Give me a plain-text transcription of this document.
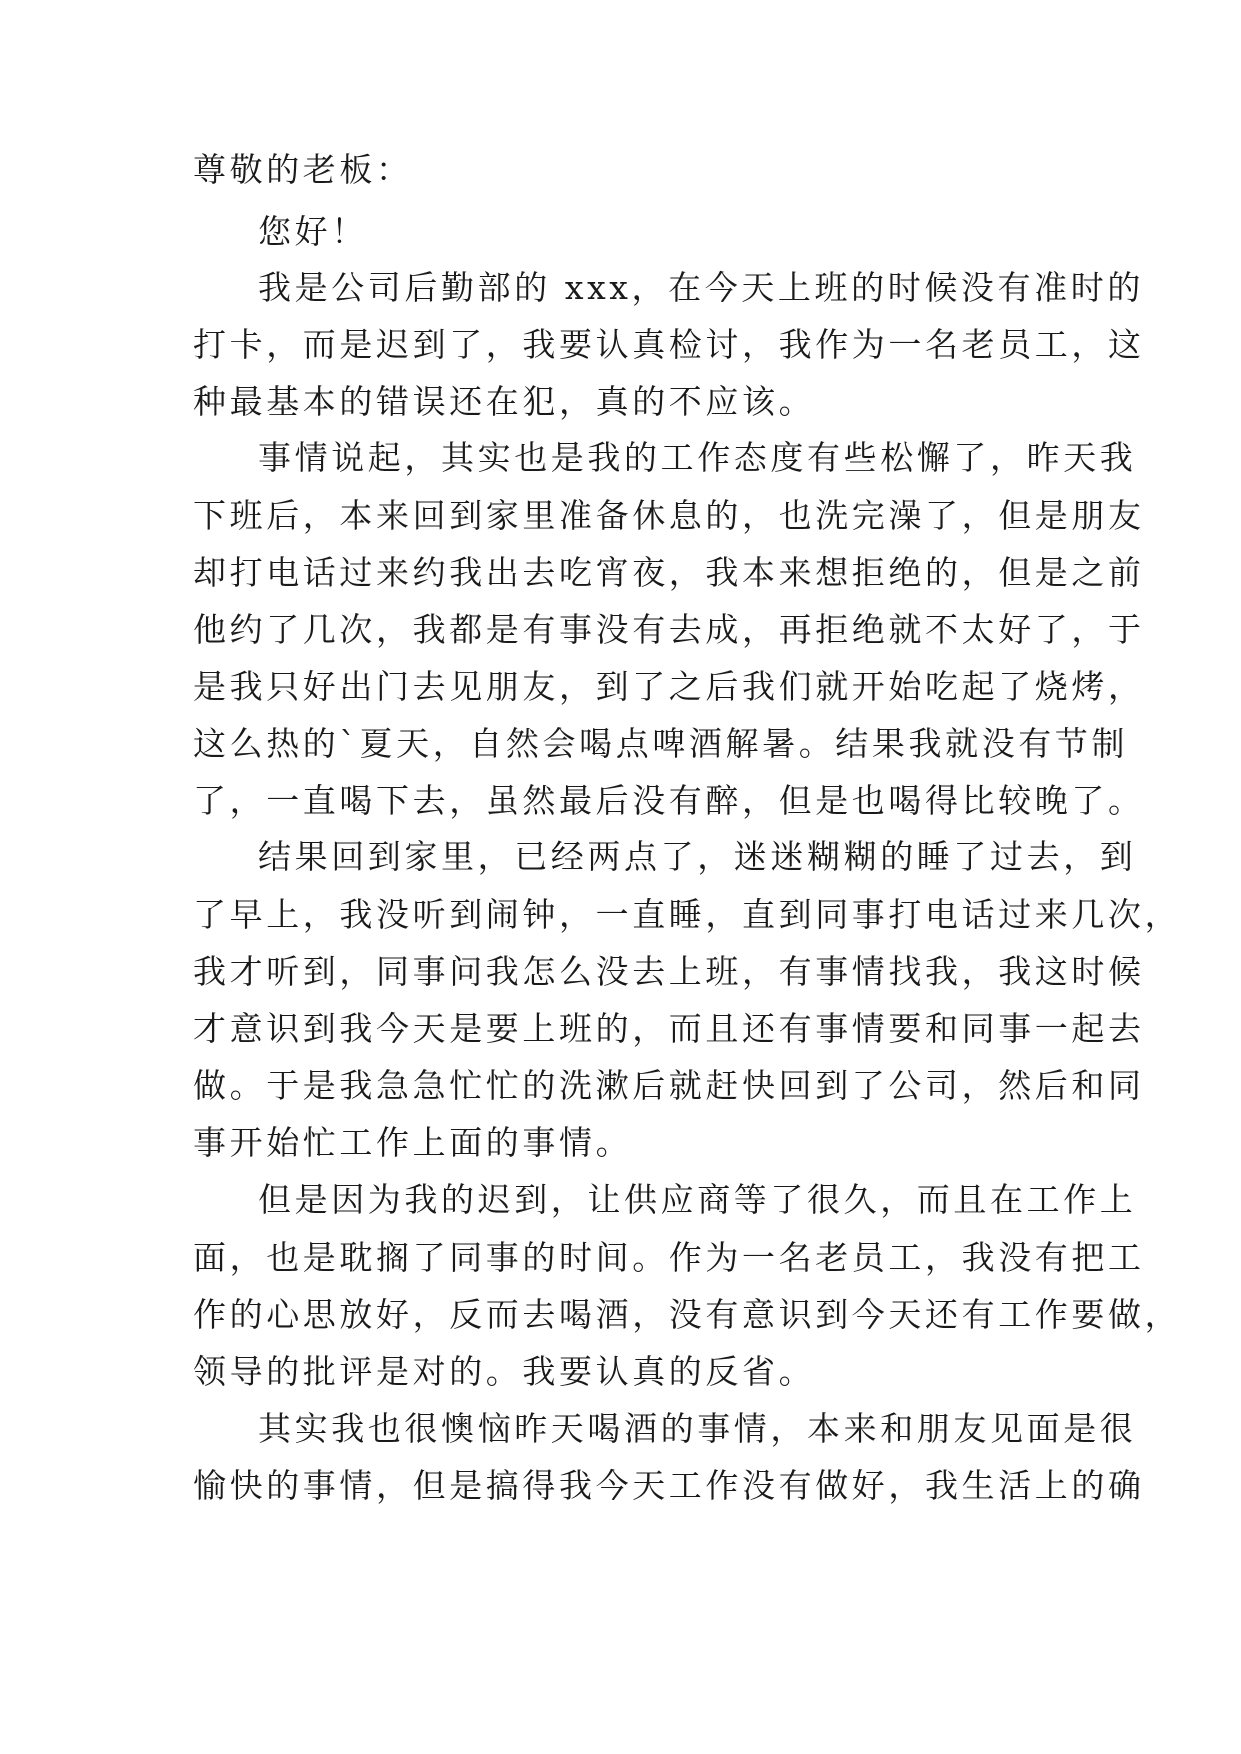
尊敬的老板：
您好！
我是公司后勤部的 xxx，在今天上班的时候没有准时的
打卡，而是迟到了，我要认真检讨，我作为一名老员工，这
种最基本的错误还在犯，真的不应该。
事情说起，其实也是我的工作态度有些松懈了，昨天我
下班后，本来回到家里准备休息的，也洗完澡了，但是朋友
却打电话过来约我出去吃宵夜，我本来想拒绝的，但是之前
他约了几次，我都是有事没有去成，再拒绝就不太好了，于
是我只好出门去见朋友，到了之后我们就开始吃起了烧烤，
这么热的`夏天，自然会喝点啤酒解暑。结果我就没有节制
了，一直喝下去，虽然最后没有醉，但是也喝得比较晚了。
结果回到家里，已经两点了，迷迷糊糊的睡了过去，到
了早上，我没听到闹钟，一直睡，直到同事打电话过来几次，
我才听到，同事问我怎么没去上班，有事情找我，我这时候
才意识到我今天是要上班的，而且还有事情要和同事一起去
做。于是我急急忙忙的洗漱后就赶快回到了公司，然后和同
事开始忙工作上面的事情。
但是因为我的迟到，让供应商等了很久，而且在工作上
面，也是耽搁了同事的时间。作为一名老员工，我没有把工
作的心思放好，反而去喝酒，没有意识到今天还有工作要做，
领导的批评是对的。我要认真的反省。
其实我也很懊恼昨天喝酒的事情，本来和朋友见面是很
愉快的事情，但是搞得我今天工作没有做好，我生活上的确
